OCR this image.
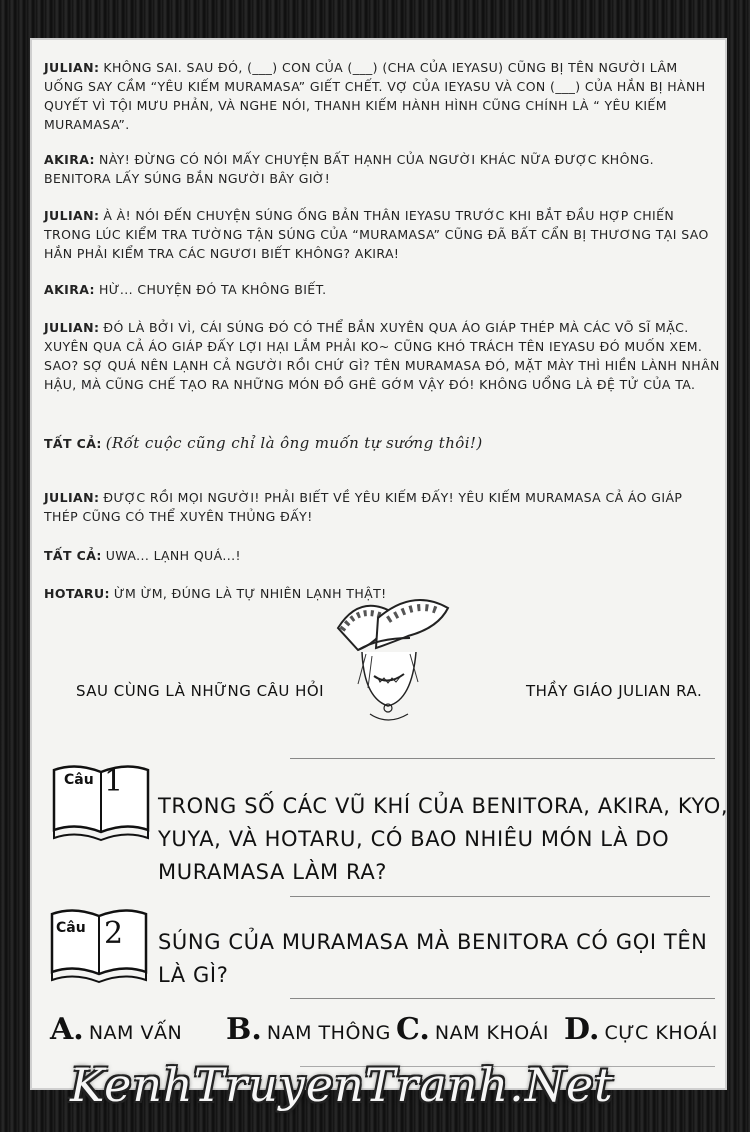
JULIAN: KHÔNG SAI. SAU ĐÓ, (___) CON CỦA (___) (CHA CỦA IEYASU) CŨNG BỊ TÊN NGƯỜI LÂM UỐNG SAY CẦM “YÊU KIẾM MURAMASA” GIẾT CHẾT. VỢ CỦA IEYASU VÀ CON (___) CỦA HẮN BỊ HÀNH QUYẾT VÌ TỘI MƯU PHẢN, VÀ NGHE NÓI, THANH KIẾM HÀNH HÌNH CŨNG CHÍNH LÀ “ YÊU KIẾM MURAMASA”.
AKIRA: NÀY! ĐỪNG CÓ NÓI MẤY CHUYỆN BẤT HẠNH CỦA NGƯỜI KHÁC NỮA ĐƯỢC KHÔNG. BENITORA LẤY SÚNG BẮN NGƯỜI BÂY GIỜ!
JULIAN: À À! NÓI ĐẾN CHUYỆN SÚNG ỐNG BẢN THÂN IEYASU TRƯỚC KHI BẮT ĐẦU HỢP CHIẾN TRONG LÚC KIỂM TRA TƯỜNG TẬN SÚNG CỦA “MURAMASA” CŨNG ĐÃ BẤT CẨN BỊ THƯƠNG TẠI SAO HẮN PHẢI KIỂM TRA CÁC NGƯƠI BIẾT KHÔNG? AKIRA!
AKIRA: HỪ... CHUYỆN ĐÓ TA KHÔNG BIẾT.
JULIAN: ĐÓ LÀ BỞI VÌ, CÁI SÚNG ĐÓ CÓ THỂ BẮN XUYÊN QUA ÁO GIÁP THÉP MÀ CÁC VÕ SĨ MẶC. XUYÊN QUA CẢ ÁO GIÁP ĐẤY LỢI HẠI LẮM PHẢI KO~ CŨNG KHÓ TRÁCH TÊN IEYASU ĐÓ MUỐN XEM. SAO? SỢ QUÁ NÊN LẠNH CẢ NGƯỜI RỒI CHỨ GÌ? TÊN MURAMASA ĐÓ, MẶT MÀY THÌ HIỀN LÀNH NHÂN HẬU, MÀ CŨNG CHẾ TẠO RA NHỮNG MÓN ĐỒ GHÊ GỚM VẬY ĐÓ! KHÔNG UỔNG LÀ ĐỆ TỬ CỦA TA.
TẤT CẢ: (Rốt cuộc cũng chỉ là ông muốn tự sướng thôi!)
JULIAN: ĐƯỢC RỒI MỌI NGƯỜI! PHẢI BIẾT VỀ YÊU KIẾM ĐẤY! YÊU KIẾM MURAMASA CẢ ÁO GIÁP THÉP CŨNG CÓ THỂ XUYÊN THỦNG ĐẤY!
TẤT CẢ: UWA... LẠNH QUÁ...!
HOTARU: ỪM ỪM, ĐÚNG LÀ TỰ NHIÊN LẠNH THẬT!
SAU CÙNG LÀ NHỮNG CÂU HỎI	THẦY GIÁO JULIAN RA.
Câu 1
TRONG SỐ CÁC VŨ KHÍ CỦA BENITORA, AKIRA, KYO,
YUYA, VÀ HOTARU, CÓ BAO NHIÊU MÓN LÀ DO
MURAMASA LÀM RA?
Câu 2 SÚNG CỦA MURAMASA MÀ BENITORA CÓ GỌI TÊN
LÀ GÌ?
A. NAM VẤN B. NAM THÔNG C. NAM KHOÁI D. CỰC KHOÁI
KenhTruyenTranh.Net
